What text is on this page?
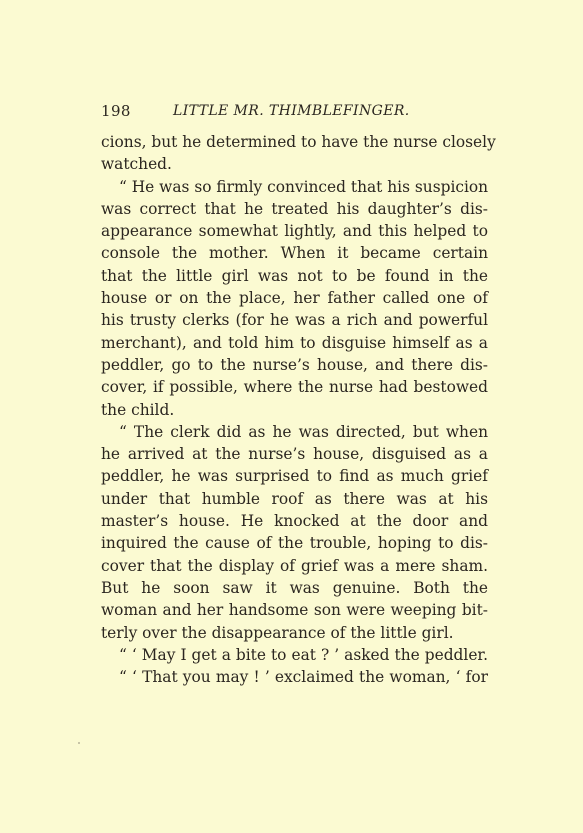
198	LITTLE MR. THIMBLEFINGER.
cions, but he determined to have the nurse closely
watched.
“ He was so firmly convinced that his suspicion
was correct that he treated his daughter’s dis-
appearance somewhat lightly, and this helped to
console the mother. When it became certain
that the little girl was not to be found in the
house or on the place, her father called one of
his trusty clerks (for he was a rich and powerful
merchant), and told him to disguise himself as a
peddler, go to the nurse’s house, and there dis-
cover, if possible, where the nurse had bestowed
the child.
“ The clerk did as he was directed, but when
he arrived at the nurse’s house, disguised as a
peddler, he was surprised to find as much grief
under that humble roof as there was at his
master’s house. He knocked at the door and
inquired the cause of the trouble, hoping to dis-
cover that the display of grief was a mere sham.
But he soon saw it was genuine. Both the
woman and her handsome son were weeping bit-
terly over the disappearance of the little girl.
“ ‘ May I get a bite to eat ? ’ asked the peddler.
“ ‘ That you may ! ’ exclaimed the woman, ‘ for
